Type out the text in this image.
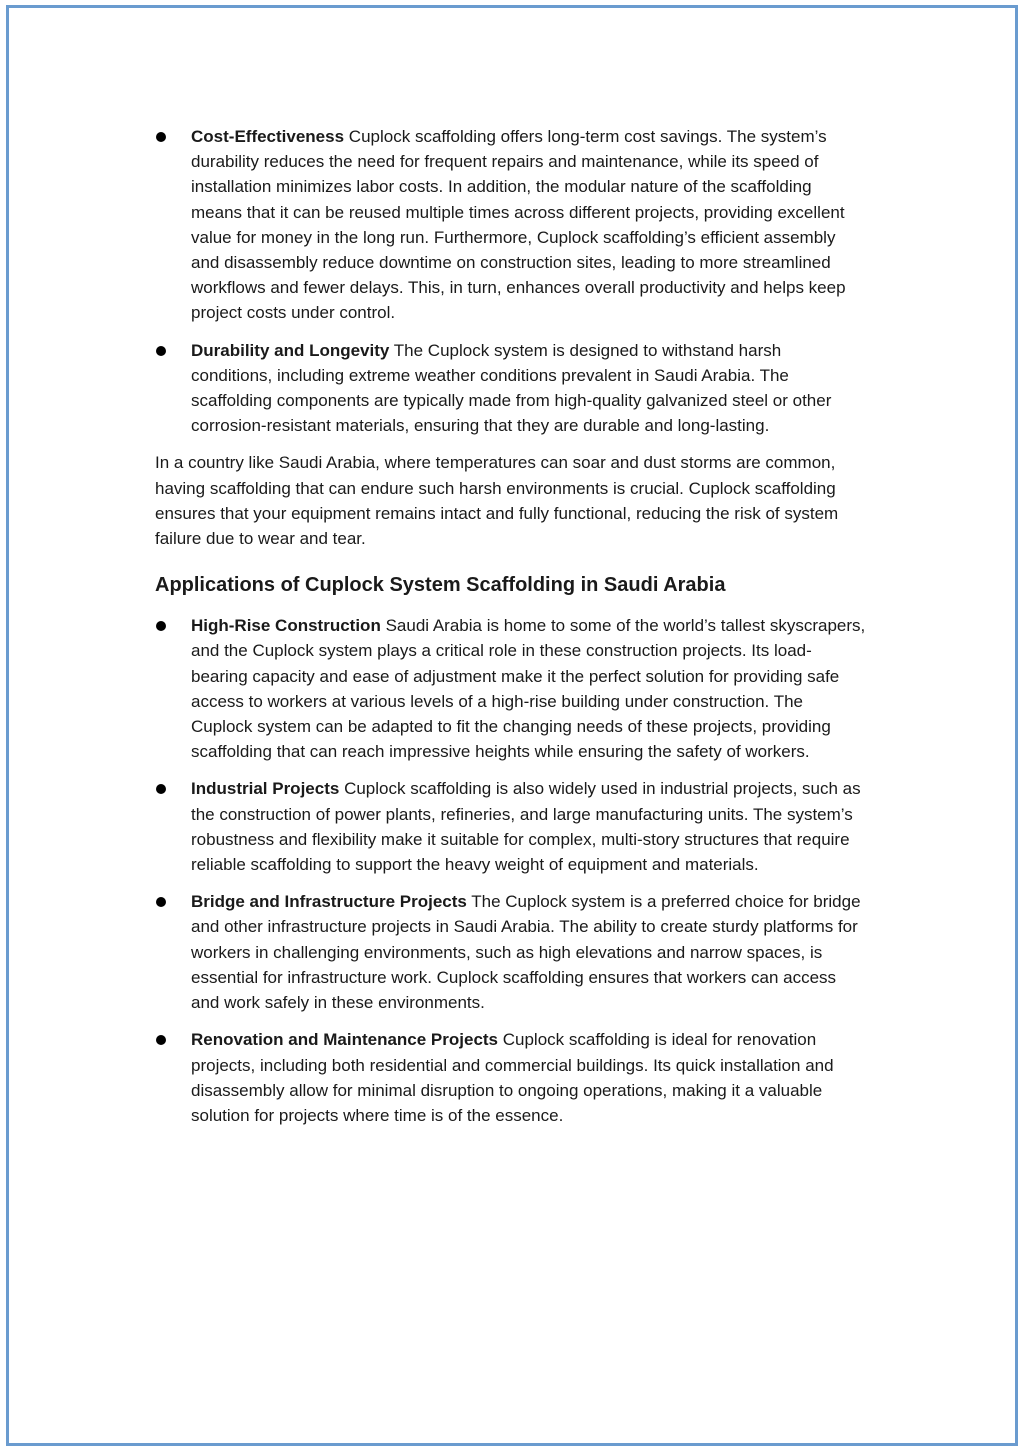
Cost-Effectiveness Cuplock scaffolding offers long-term cost savings. The system’s durability reduces the need for frequent repairs and maintenance, while its speed of installation minimizes labor costs. In addition, the modular nature of the scaffolding means that it can be reused multiple times across different projects, providing excellent value for money in the long run. Furthermore, Cuplock scaffolding’s efficient assembly and disassembly reduce downtime on construction sites, leading to more streamlined workflows and fewer delays. This, in turn, enhances overall productivity and helps keep project costs under control.
Durability and Longevity The Cuplock system is designed to withstand harsh conditions, including extreme weather conditions prevalent in Saudi Arabia. The scaffolding components are typically made from high-quality galvanized steel or other corrosion-resistant materials, ensuring that they are durable and long-lasting.

In a country like Saudi Arabia, where temperatures can soar and dust storms are common, having scaffolding that can endure such harsh environments is crucial. Cuplock scaffolding ensures that your equipment remains intact and fully functional, reducing the risk of system failure due to wear and tear.

Applications of Cuplock System Scaffolding in Saudi Arabia
High-Rise Construction Saudi Arabia is home to some of the world’s tallest skyscrapers, and the Cuplock system plays a critical role in these construction projects. Its load-bearing capacity and ease of adjustment make it the perfect solution for providing safe access to workers at various levels of a high-rise building under construction. The Cuplock system can be adapted to fit the changing needs of these projects, providing scaffolding that can reach impressive heights while ensuring the safety of workers.
Industrial Projects Cuplock scaffolding is also widely used in industrial projects, such as the construction of power plants, refineries, and large manufacturing units. The system’s robustness and flexibility make it suitable for complex, multi-story structures that require reliable scaffolding to support the heavy weight of equipment and materials.
Bridge and Infrastructure Projects The Cuplock system is a preferred choice for bridge and other infrastructure projects in Saudi Arabia. The ability to create sturdy platforms for workers in challenging environments, such as high elevations and narrow spaces, is essential for infrastructure work. Cuplock scaffolding ensures that workers can access and work safely in these environments.
Renovation and Maintenance Projects Cuplock scaffolding is ideal for renovation projects, including both residential and commercial buildings. Its quick installation and disassembly allow for minimal disruption to ongoing operations, making it a valuable solution for projects where time is of the essence.
